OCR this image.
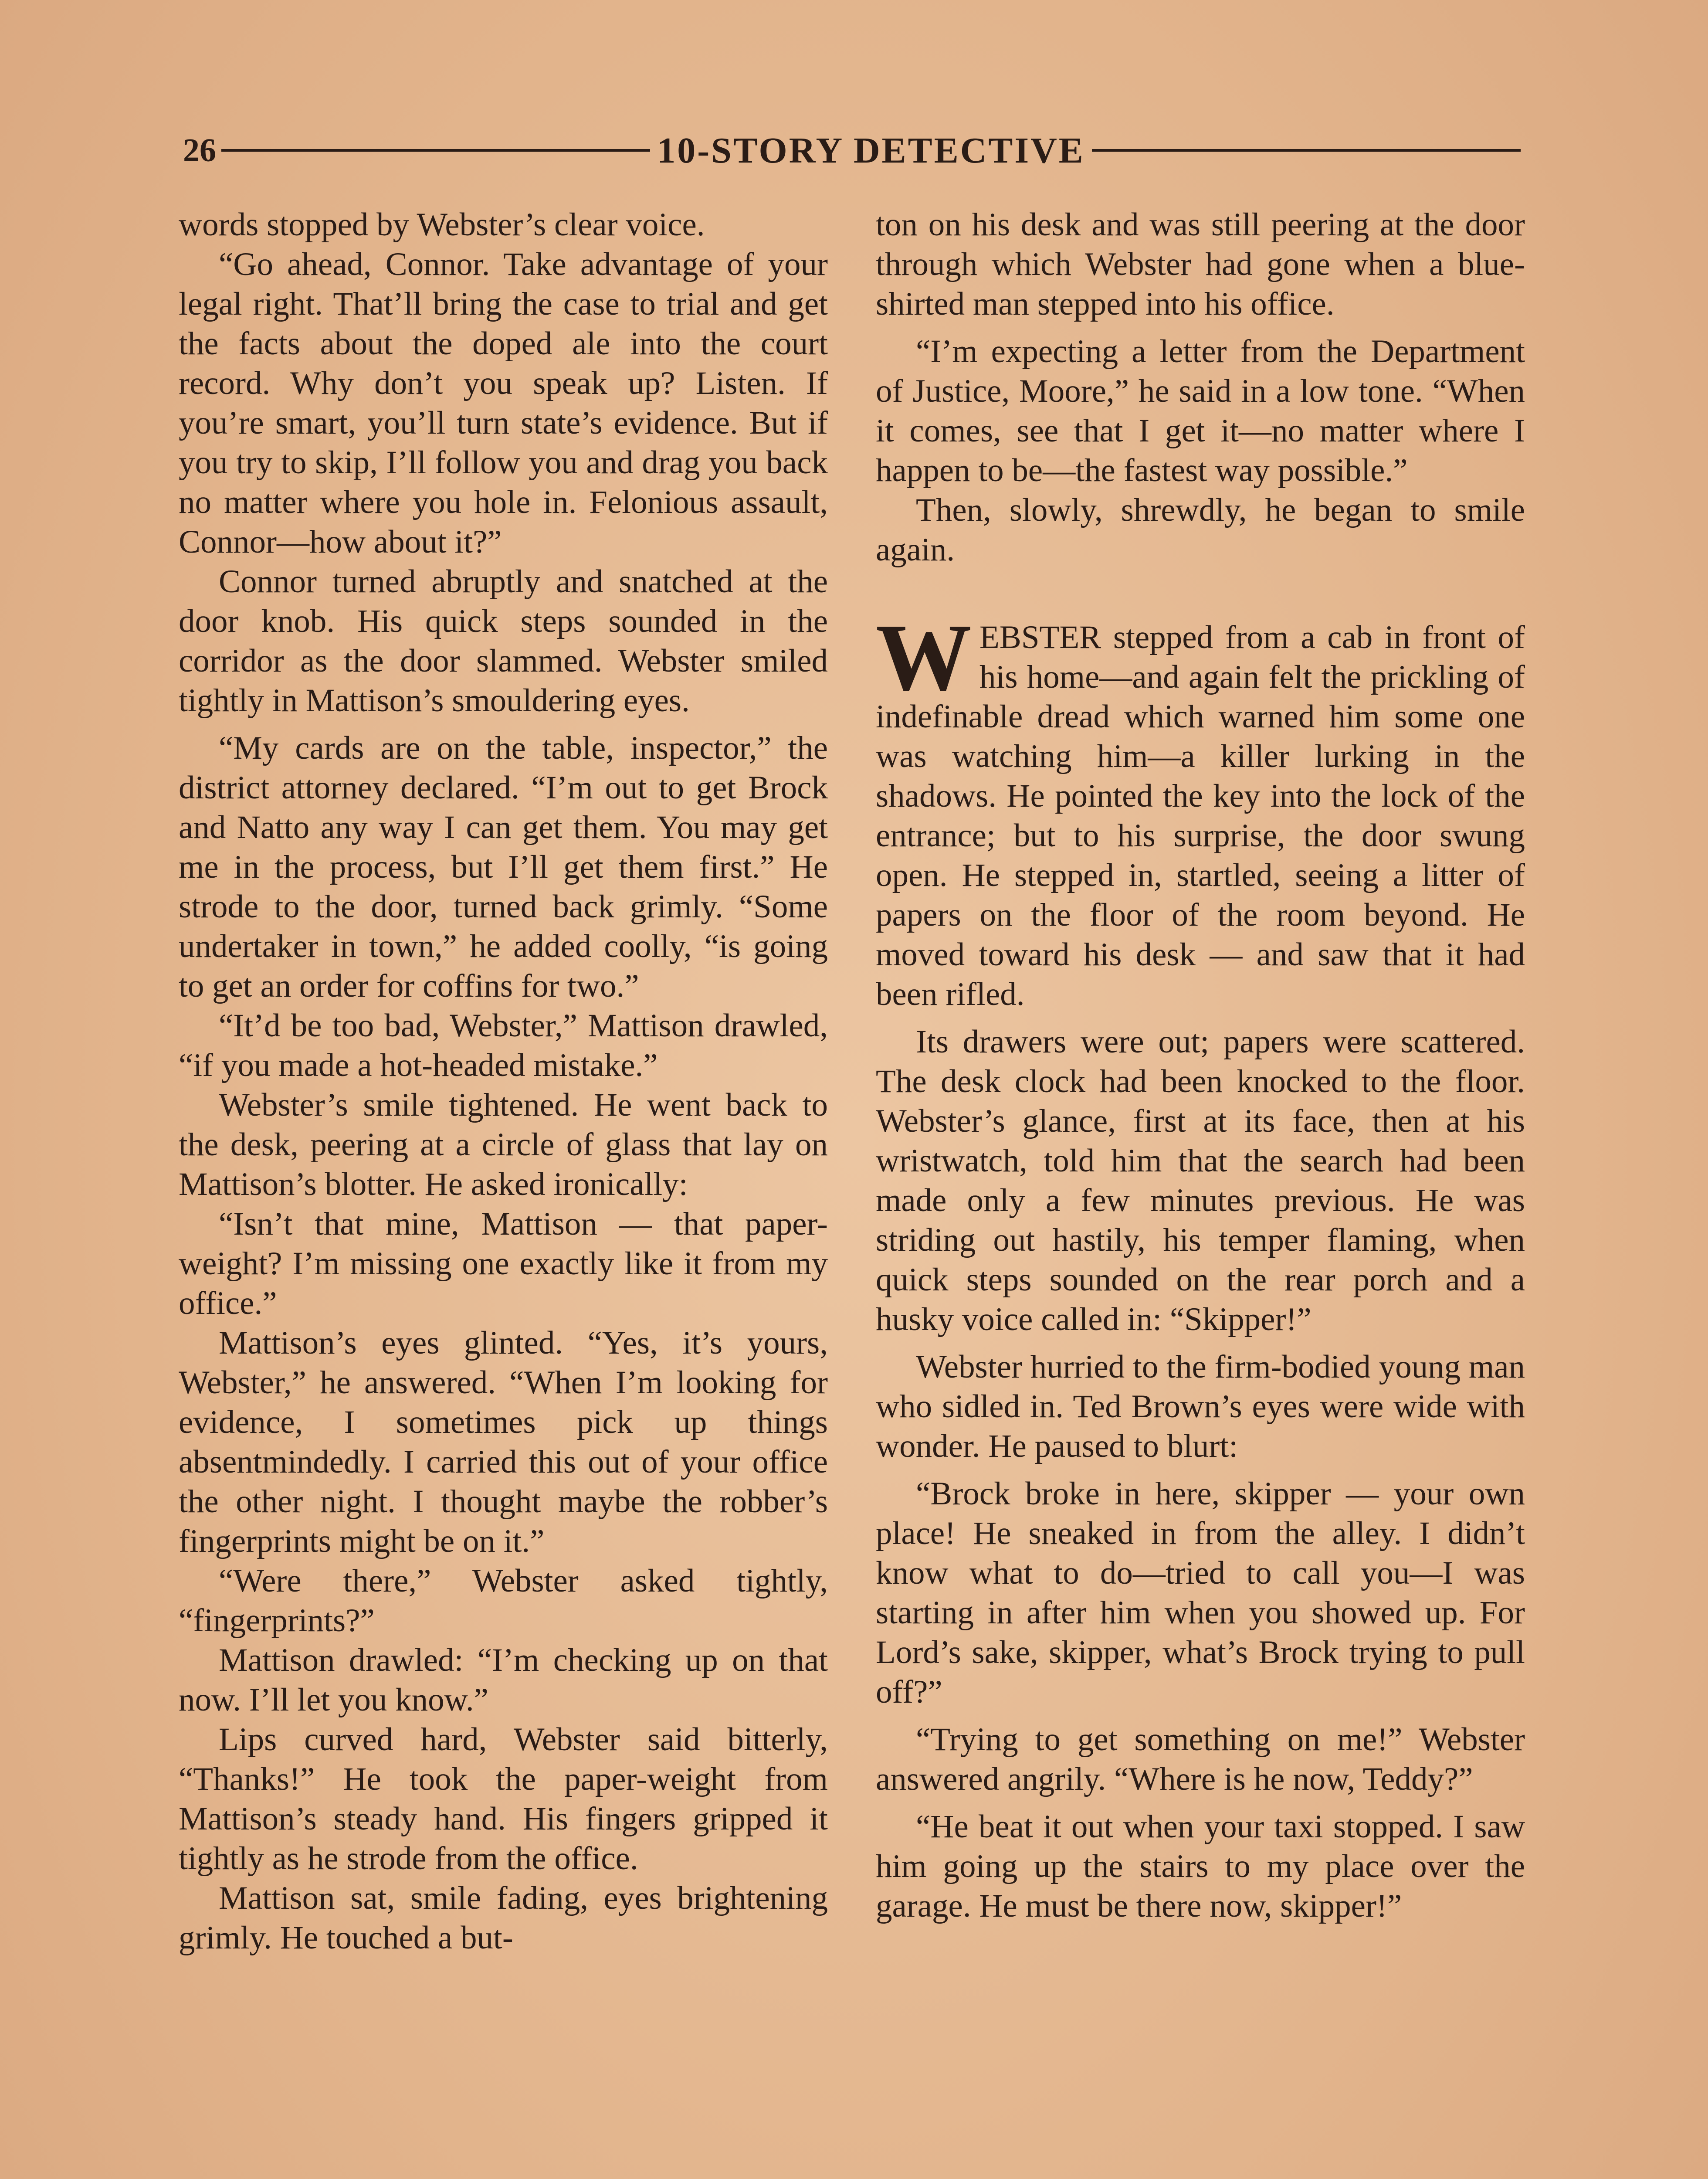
26	10-STORY DETECTIVE

words stopped by Webster’s clear voice.

“Go ahead, Connor. Take advantage of your legal right. That’ll bring the case to trial and get the facts about the doped ale into the court record. Why don’t you speak up? Listen. If you’re smart, you’ll turn state’s evidence. But if you try to skip, I’ll follow you and drag you back no matter where you hole in. Felonious assault, Connor—how about it?”

Connor turned abruptly and snatched at the door knob. His quick steps sounded in the corridor as the door slammed. Webster smiled tightly in Mattison’s smouldering eyes.

“My cards are on the table, inspector,” the district attorney declared. “I’m out to get Brock and Natto any way I can get them. You may get me in the process, but I’ll get them first.” He strode to the door, turned back grimly. “Some undertaker in town,” he added coolly, “is going to get an order for coffins for two.”

“It’d be too bad, Webster,” Mattison drawled, “if you made a hot-headed mistake.”

Webster’s smile tightened. He went back to the desk, peering at a circle of glass that lay on Mattison’s blotter. He asked ironically:

“Isn’t that mine, Mattison — that paper-weight? I’m missing one exactly like it from my office.”

Mattison’s eyes glinted. “Yes, it’s yours, Webster,” he answered. “When I’m looking for evidence, I sometimes pick up things absentmindedly. I carried this out of your office the other night. I thought maybe the robber’s fingerprints might be on it.”

“Were there,” Webster asked tightly, “fingerprints?”

Mattison drawled: “I’m checking up on that now. I’ll let you know.”

Lips curved hard, Webster said bitterly, “Thanks!” He took the paper-weight from Mattison’s steady hand. His fingers gripped it tightly as he strode from the office.

Mattison sat, smile fading, eyes brightening grimly. He touched a but-

ton on his desk and was still peering at the door through which Webster had gone when a blue-shirted man stepped into his office.

“I’m expecting a letter from the Department of Justice, Moore,” he said in a low tone. “When it comes, see that I get it—no matter where I happen to be—the fastest way possible.”

Then, slowly, shrewdly, he began to smile again.

WEBSTER stepped from a cab in front of his home—and again felt the prickling of indefinable dread which warned him some one was watching him—a killer lurking in the shadows. He pointed the key into the lock of the entrance; but to his surprise, the door swung open. He stepped in, startled, seeing a litter of papers on the floor of the room beyond. He moved toward his desk — and saw that it had been rifled.

Its drawers were out; papers were scattered. The desk clock had been knocked to the floor. Webster’s glance, first at its face, then at his wristwatch, told him that the search had been made only a few minutes previous. He was striding out hastily, his temper flaming, when quick steps sounded on the rear porch and a husky voice called in: “Skipper!”

Webster hurried to the firm-bodied young man who sidled in. Ted Brown’s eyes were wide with wonder. He paused to blurt:

“Brock broke in here, skipper — your own place! He sneaked in from the alley. I didn’t know what to do—tried to call you—I was starting in after him when you showed up. For Lord’s sake, skipper, what’s Brock trying to pull off?”

“Trying to get something on me!” Webster answered angrily. “Where is he now, Teddy?”

“He beat it out when your taxi stopped. I saw him going up the stairs to my place over the garage. He must be there now, skipper!”
